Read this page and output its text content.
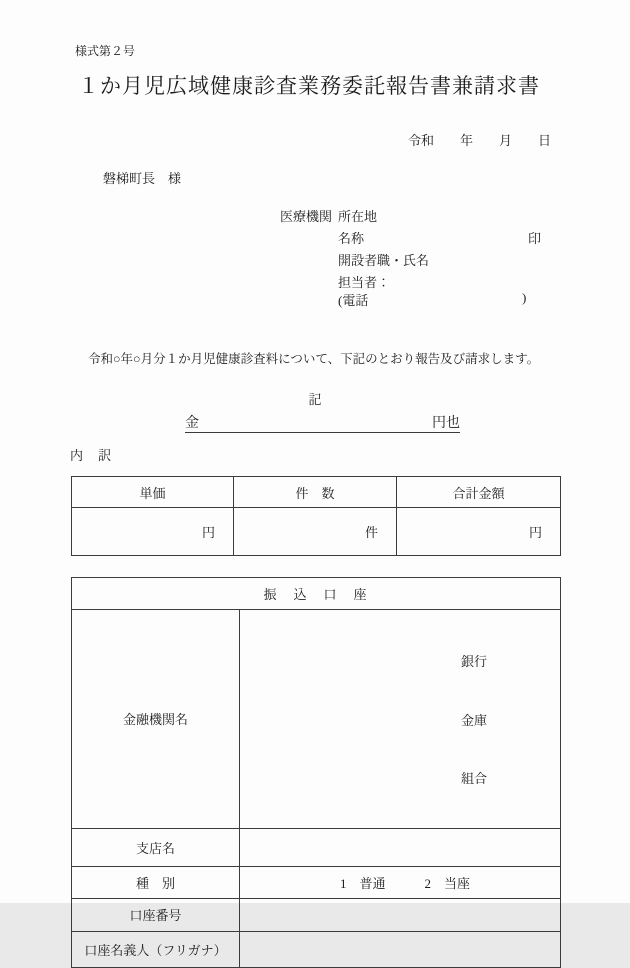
様式第２号
１か月児広域健康診査業務委託報告書兼請求書
令和　　年　　月　　日
磐梯町長　様
医療機関 所在地
名称	印
開設者職・氏名
担当者：
(電話	)
令和○年○月分１か月児健康診査料について、下記のとおり報告及び請求します。
記
金	円也
内　訳
単価	件　数	合計金額
円	件	円
振　込　口　座	
金融機関名	銀行

金庫

組合

支店名	
種　別	1　普通　　　2　当座
口座番号	
口座名義人（フリガナ）	
